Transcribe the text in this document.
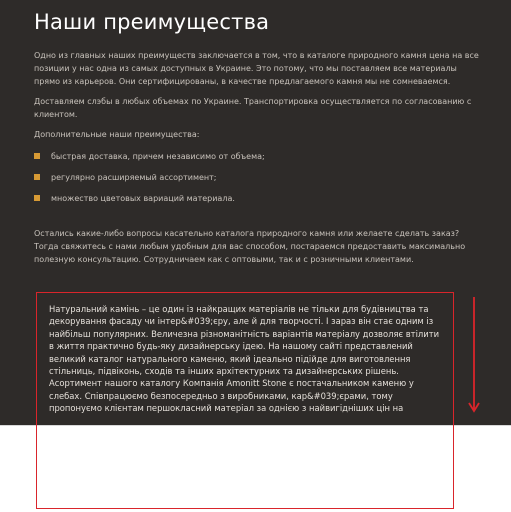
Наши преимущества

Одно из главных наших преимуществ заключается в том, что в каталоге природного камня цена на все позиции у нас одна из самых доступных в Украине. Это потому, что мы поставляем все материалы прямо из карьеров. Они сертифицированы, в качестве предлагаемого камня мы не сомневаемся.

Доставляем слэбы в любых объемах по Украине. Транспортировка осуществляется по согласованию с клиентом.

Дополнительные наши преимущества:

быстрая доставка, причем независимо от объема;
регулярно расширяемый ассортимент;
множество цветовых вариаций материала.

Остались какие-либо вопросы касательно каталога природного камня или желаете сделать заказ? Тогда свяжитесь с нами любым удобным для вас способом, постараемся предоставить максимально полезную консультацию. Сотрудничаем как с оптовыми, так и с розничными клиентами.

Натуральний камінь – це один із найкращих матеріалів не тільки для будівництва та декорування фасаду чи інтер&#039;єру, але й для творчості. І зараз він стає одним із найбільш популярних. Величезна різноманітність варіантів матеріалу дозволяє втілити в життя практично будь-яку дизайнерську ідею. На нашому сайті представлений великий каталог натурального каменю, який ідеально підійде для виготовлення стільниць, підвіконь, сходів та інших архітектурних та дизайнерських рішень. Асортимент нашого каталогу Компанія Amonitt Stone є постачальником каменю у слебах. Співпрацюємо безпосередньо з виробниками, кар&#039;єрами, тому пропонуємо клієнтам першокласний матеріал за однією з найвигідніших цін на
